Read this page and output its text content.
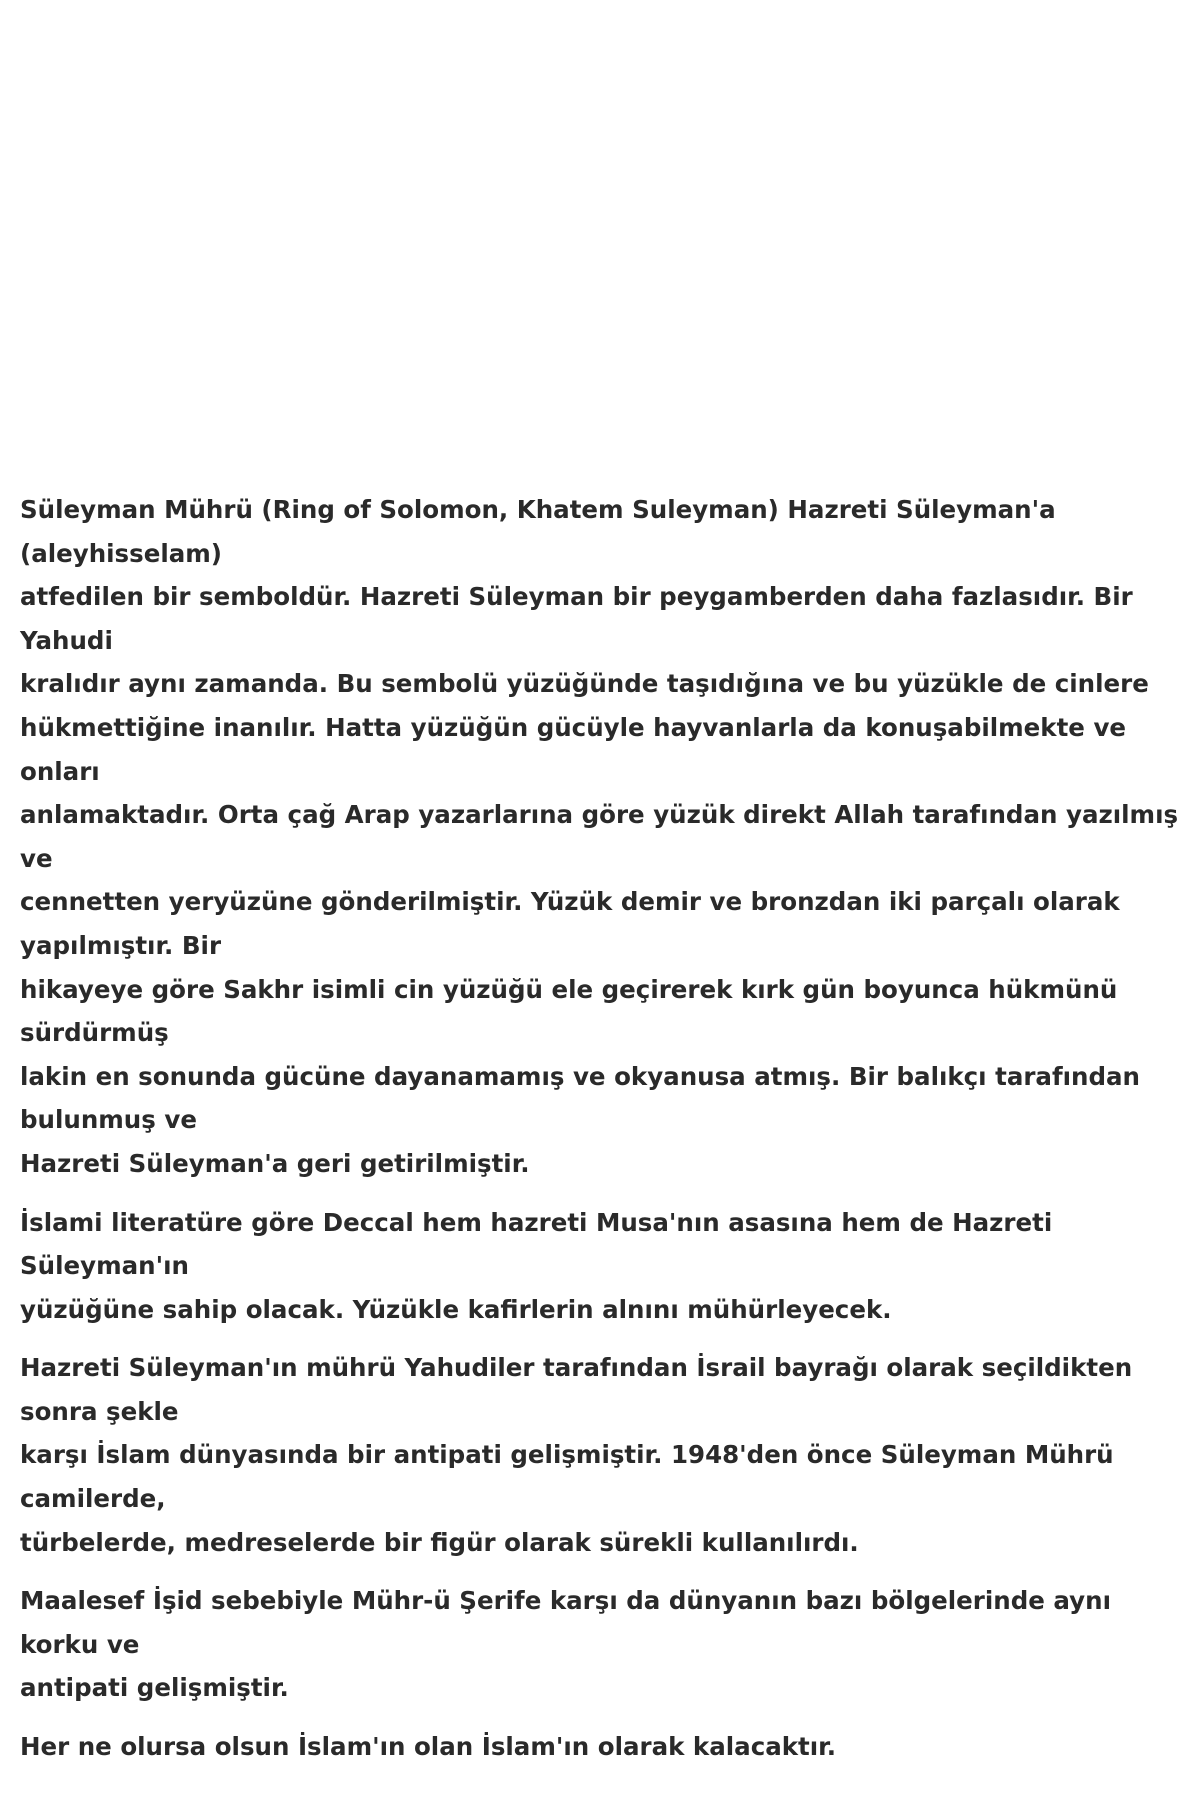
Süleyman Mührü (Ring of Solomon, Khatem Suleyman) Hazreti Süleyman'a (aleyhisselam)
atfedilen bir semboldür. Hazreti Süleyman bir peygamberden daha fazlasıdır. Bir Yahudi
kralıdır aynı zamanda. Bu sembolü yüzüğünde taşıdığına ve bu yüzükle de cinlere
hükmettiğine inanılır. Hatta yüzüğün gücüyle hayvanlarla da konuşabilmekte ve onları
anlamaktadır. Orta çağ Arap yazarlarına göre yüzük direkt Allah tarafından yazılmış ve
cennetten yeryüzüne gönderilmiştir. Yüzük demir ve bronzdan iki parçalı olarak yapılmıştır. Bir
hikayeye göre Sakhr isimli cin yüzüğü ele geçirerek kırk gün boyunca hükmünü sürdürmüş
lakin en sonunda gücüne dayanamamış ve okyanusa atmış. Bir balıkçı tarafından bulunmuş ve
Hazreti Süleyman'a geri getirilmiştir.

İslami literatüre göre Deccal hem hazreti Musa'nın asasına hem de Hazreti Süleyman'ın
yüzüğüne sahip olacak. Yüzükle kafirlerin alnını mühürleyecek.

Hazreti Süleyman'ın mührü Yahudiler tarafından İsrail bayrağı olarak seçildikten sonra şekle
karşı İslam dünyasında bir antipati gelişmiştir. 1948'den önce Süleyman Mührü camilerde,
türbelerde, medreselerde bir figür olarak sürekli kullanılırdı.

Maalesef İşid sebebiyle Mühr-ü Şerife karşı da dünyanın bazı bölgelerinde aynı korku ve
antipati gelişmiştir.

Her ne olursa olsun İslam'ın olan İslam'ın olarak kalacaktır.
